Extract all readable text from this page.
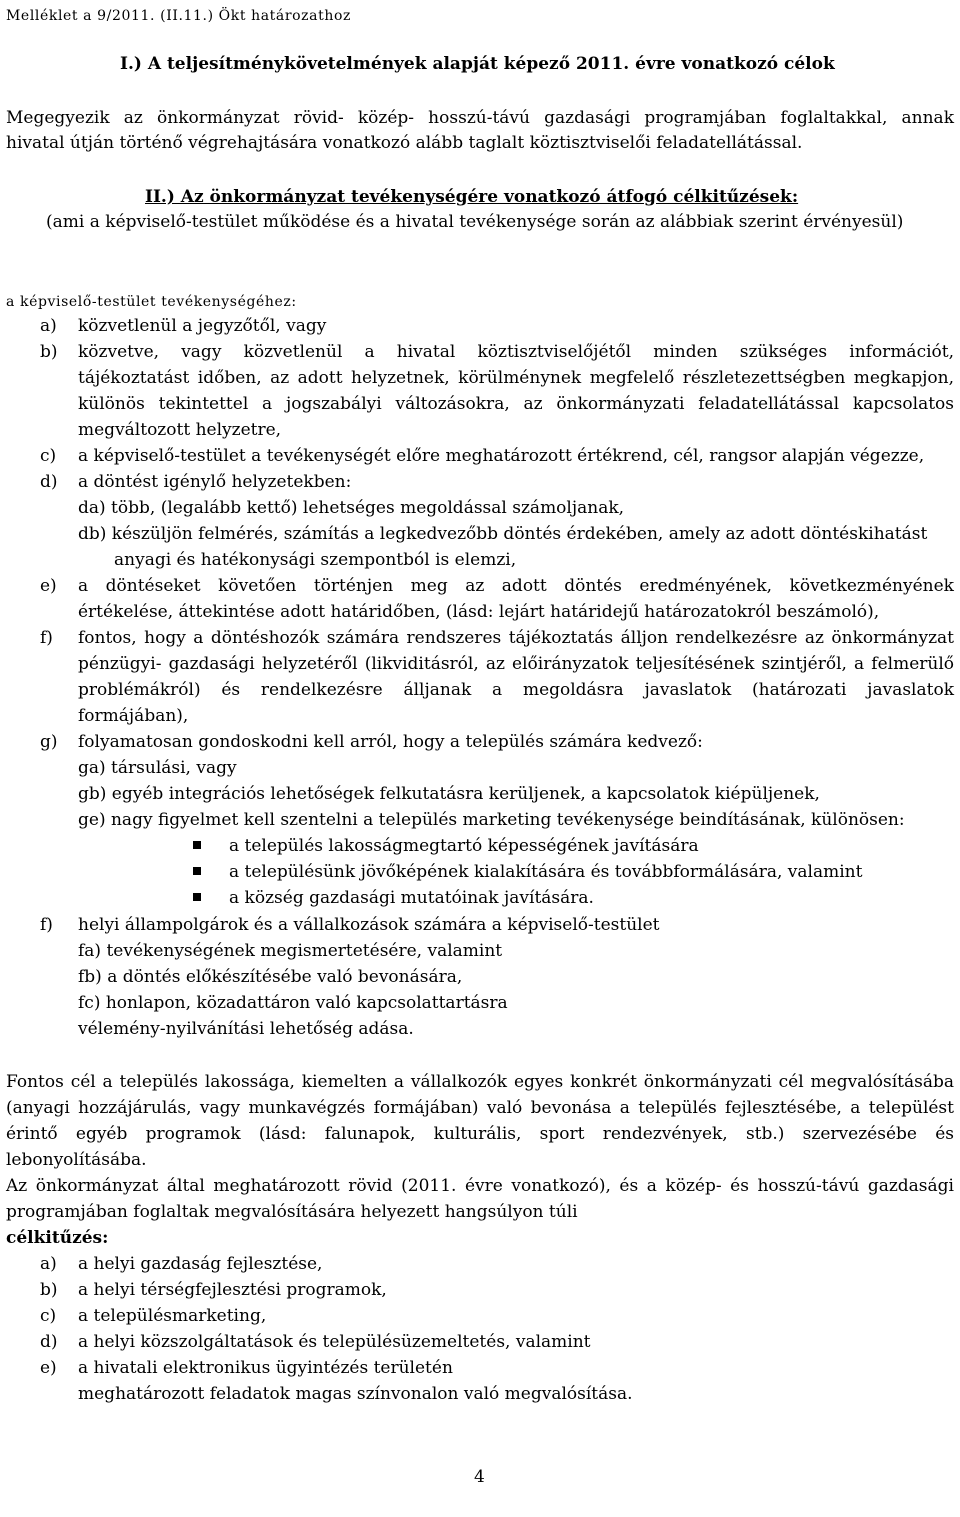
Melléklet a 9/2011. (II.11.) Ökt határozathoz
I.) A teljesítménykövetelmények alapját képező 2011. évre vonatkozó célok
Megegyezik az önkormányzat rövid- közép- hosszú-távú gazdasági programjában foglaltakkal, annak
hivatal útján történő végrehajtására vonatkozó alább taglalt köztisztviselői feladatellátással.
II.) Az önkormányzat tevékenységére vonatkozó átfogó célkitűzések:
(ami a képviselő-testület működése és a hivatal tevékenysége során az alábbiak szerint érvényesül)
a képviselő-testület tevékenységéhez:
a) közvetlenül a jegyzőtől, vagy
b) közvetve, vagy közvetlenül a hivatal köztisztviselőjétől minden szükséges információt,
tájékoztatást időben, az adott helyzetnek, körülménynek megfelelő részletezettségben megkapjon,
különös tekintettel a jogszabályi változásokra, az önkormányzati feladatellátással kapcsolatos
megváltozott helyzetre,
c) a képviselő-testület a tevékenységét előre meghatározott értékrend, cél, rangsor alapján végezze,
d) a döntést igénylő helyzetekben:
da) több, (legalább kettő) lehetséges megoldással számoljanak,
db) készüljön felmérés, számítás a legkedvezőbb döntés érdekében, amely az adott döntéskihatást
anyagi és hatékonysági szempontból is elemzi,
e) a döntéseket követően történjen meg az adott döntés eredményének, következményének
értékelése, áttekintése adott határidőben, (lásd: lejárt határidejű határozatokról beszámoló),
f) fontos, hogy a döntéshozók számára rendszeres tájékoztatás álljon rendelkezésre az önkormányzat
pénzügyi- gazdasági helyzetéről (likviditásról, az előirányzatok teljesítésének szintjéről, a felmerülő
problémákról) és rendelkezésre álljanak a megoldásra javaslatok (határozati javaslatok
formájában),
g) folyamatosan gondoskodni kell arról, hogy a település számára kedvező:
ga) társulási, vagy
gb) egyéb integrációs lehetőségek felkutatásra kerüljenek, a kapcsolatok kiépüljenek,
ge) nagy figyelmet kell szentelni a település marketing tevékenysége beindításának, különösen:
a település lakosságmegtartó képességének javítására
a településünk jövőképének kialakítására és továbbformálására, valamint
a község gazdasági mutatóinak javítására.
f) helyi állampolgárok és a vállalkozások számára a képviselő-testület
fa) tevékenységének megismertetésére, valamint
fb) a döntés előkészítésébe való bevonására,
fc) honlapon, közadattáron való kapcsolattartásra
vélemény-nyilvánítási lehetőség adása.
Fontos cél a település lakossága, kiemelten a vállalkozók egyes konkrét önkormányzati cél megvalósításába
(anyagi hozzájárulás, vagy munkavégzés formájában) való bevonása a település fejlesztésébe, a települést
érintő egyéb programok (lásd: falunapok, kulturális, sport rendezvények, stb.) szervezésébe és
lebonyolításába.
Az önkormányzat által meghatározott rövid (2011. évre vonatkozó), és a közép- és hosszú-távú gazdasági
programjában foglaltak megvalósítására helyezett hangsúlyon túli
célkitűzés:
a) a helyi gazdaság fejlesztése,
b) a helyi térségfejlesztési programok,
c) a településmarketing,
d) a helyi közszolgáltatások és településüzemeltetés, valamint
e) a hivatali elektronikus ügyintézés területén
meghatározott feladatok magas színvonalon való megvalósítása.
4
